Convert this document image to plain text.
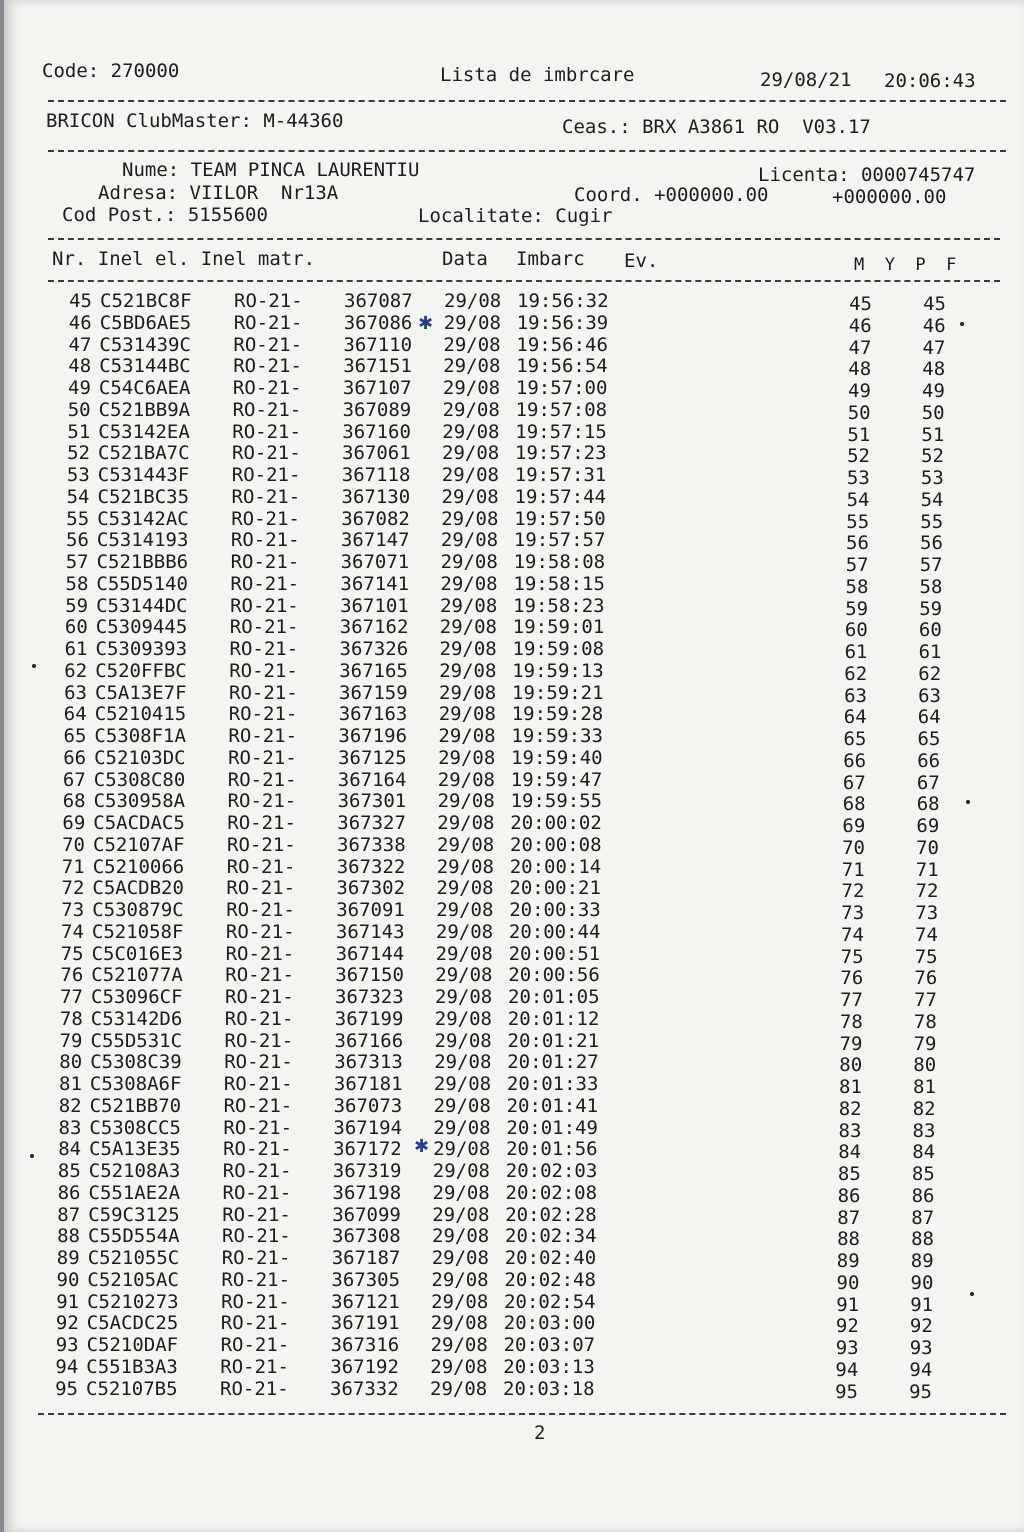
Code: 270000	Lista de imbrcare	29/08/21 20:06:43
BRICON ClubMaster: M-44360	Ceas.: BRX A3861 RO  V03.17
Nume: TEAM PINCA LAURENTIU	Licenta: 0000745747
Adresa: VIILOR  Nr13A	Coord. +000000.00	+000000.00
Cod Post.: 5155600	Localitate: Cugir
Nr. Inel el. Inel matr.	Data Imbarc Ev.	M  Y  P  F
45 C521BC8F RO-21- 367087 29/08 19:56:32	45	45
46 C5BD6AE5 RO-21- 367086 29/08 19:56:39	46	46
47 C531439C RO-21- 367110 29/08 19:56:46	47	47
48 C53144BC RO-21- 367151 29/08 19:56:54	48	48
49 C54C6AEA RO-21- 367107 29/08 19:57:00	49	49
50 C521BB9A RO-21- 367089 29/08 19:57:08	50	50
51 C53142EA RO-21- 367160 29/08 19:57:15	51	51
52 C521BA7C RO-21- 367061 29/08 19:57:23	52	52
53 C531443F RO-21- 367118 29/08 19:57:31	53	53
54 C521BC35 RO-21- 367130 29/08 19:57:44	54	54
55 C53142AC RO-21- 367082 29/08 19:57:50	55	55
56 C5314193 RO-21- 367147 29/08 19:57:57	56	56
57 C521BBB6 RO-21- 367071 29/08 19:58:08	57	57
58 C55D5140 RO-21- 367141 29/08 19:58:15	58	58
59 C53144DC RO-21- 367101 29/08 19:58:23	59	59
60 C5309445 RO-21- 367162 29/08 19:59:01	60	60
61 C5309393 RO-21- 367326 29/08 19:59:08	61	61
62 C520FFBC RO-21- 367165 29/08 19:59:13	62	62
63 C5A13E7F RO-21- 367159 29/08 19:59:21	63	63
64 C5210415 RO-21- 367163 29/08 19:59:28	64	64
65 C5308F1A RO-21- 367196 29/08 19:59:33	65	65
66 C52103DC RO-21- 367125 29/08 19:59:40	66	66
67 C5308C80 RO-21- 367164 29/08 19:59:47	67	67
68 C530958A RO-21- 367301 29/08 19:59:55	68	68
69 C5ACDAC5 RO-21- 367327 29/08 20:00:02	69	69
70 C52107AF RO-21- 367338 29/08 20:00:08	70	70
71 C5210066 RO-21- 367322 29/08 20:00:14	71	71
72 C5ACDB20 RO-21- 367302 29/08 20:00:21	72	72
73 C530879C RO-21- 367091 29/08 20:00:33	73	73
74 C521058F RO-21- 367143 29/08 20:00:44	74	74
75 C5C016E3 RO-21- 367144 29/08 20:00:51	75	75
76 C521077A RO-21- 367150 29/08 20:00:56	76	76
77 C53096CF RO-21- 367323 29/08 20:01:05	77	77
78 C53142D6 RO-21- 367199 29/08 20:01:12	78	78
79 C55D531C RO-21- 367166 29/08 20:01:21	79	79
80 C5308C39 RO-21- 367313 29/08 20:01:27	80	80
81 C5308A6F RO-21- 367181 29/08 20:01:33	81	81
82 C521BB70 RO-21- 367073 29/08 20:01:41	82	82
83 C5308CC5 RO-21- 367194 29/08 20:01:49	83	83
84 C5A13E35 RO-21- 367172 29/08 20:01:56	84	84
85 C52108A3 RO-21- 367319 29/08 20:02:03	85	85
86 C551AE2A RO-21- 367198 29/08 20:02:08	86	86
87 C59C3125 RO-21- 367099 29/08 20:02:28	87	87
88 C55D554A RO-21- 367308 29/08 20:02:34	88	88
89 C521055C RO-21- 367187 29/08 20:02:40	89	89
90 C52105AC RO-21- 367305 29/08 20:02:48	90	90
91 C5210273 RO-21- 367121 29/08 20:02:54	91	91
92 C5ACDC25 RO-21- 367191 29/08 20:03:00	92	92
93 C5210DAF RO-21- 367316 29/08 20:03:07	93	93
94 C551B3A3 RO-21- 367192 29/08 20:03:13	94	94
95 C52107B5 RO-21- 367332 29/08 20:03:18	95	95
✱
✱
2
